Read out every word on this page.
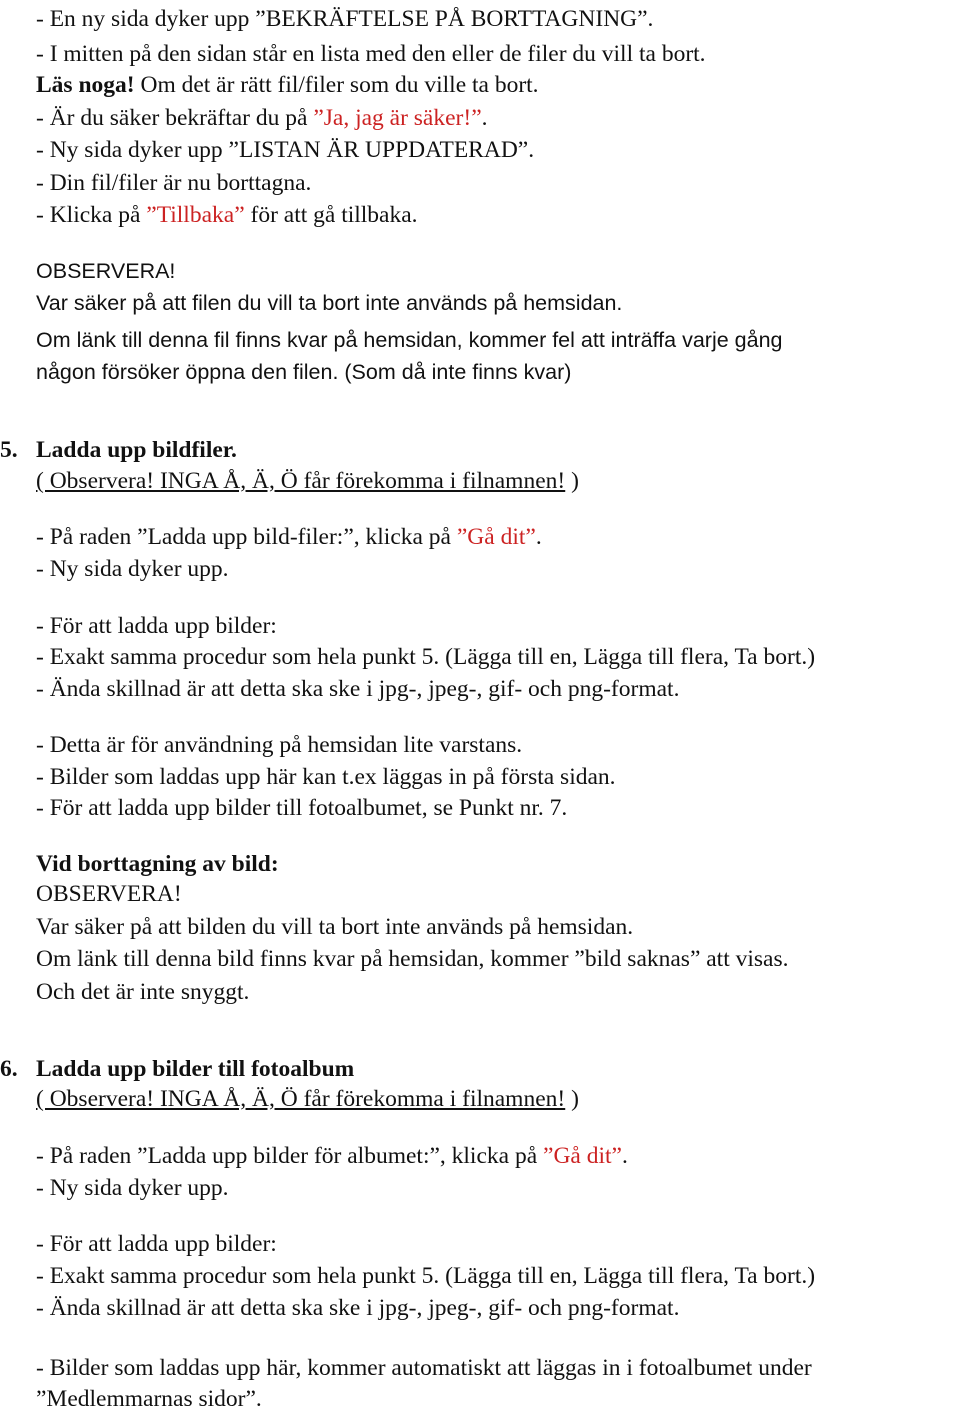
- En ny sida dyker upp ”BEKRÄFTELSE PÅ BORTTAGNING”.
- I mitten på den sidan står en lista med den eller de filer du vill ta bort.
Läs noga! Om det är rätt fil/filer som du ville ta bort.
- Är du säker bekräftar du på ”Ja, jag är säker!”.
- Ny sida dyker upp ”LISTAN ÄR UPPDATERAD”.
- Din fil/filer är nu borttagna.
- Klicka på ”Tillbaka” för att gå tillbaka.
OBSERVERA!
Var säker på att filen du vill ta bort inte används på hemsidan.
Om länk till denna fil finns kvar på hemsidan, kommer fel att inträffa varje gång
någon försöker öppna den filen. (Som då inte finns kvar)
5. Ladda upp bildfiler.
( Observera! INGA Å, Ä, Ö får förekomma i filnamnen! )
- På raden ”Ladda upp bild-filer:”, klicka på ”Gå dit”.
- Ny sida dyker upp.
- För att ladda upp bilder:
- Exakt samma procedur som hela punkt 5. (Lägga till en, Lägga till flera, Ta bort.)
- Ända skillnad är att detta ska ske i jpg-, jpeg-, gif- och png-format.
- Detta är för användning på hemsidan lite varstans.
- Bilder som laddas upp här kan t.ex läggas in på första sidan.
- För att ladda upp bilder till fotoalbumet, se Punkt nr. 7.
Vid borttagning av bild:
OBSERVERA!
Var säker på att bilden du vill ta bort inte används på hemsidan.
Om länk till denna bild finns kvar på hemsidan, kommer ”bild saknas” att visas.
Och det är inte snyggt.
6. Ladda upp bilder till fotoalbum
( Observera! INGA Å, Ä, Ö får förekomma i filnamnen! )
- På raden ”Ladda upp bilder för albumet:”, klicka på ”Gå dit”.
- Ny sida dyker upp.
- För att ladda upp bilder:
- Exakt samma procedur som hela punkt 5. (Lägga till en, Lägga till flera, Ta bort.)
- Ända skillnad är att detta ska ske i jpg-, jpeg-, gif- och png-format.
- Bilder som laddas upp här, kommer automatiskt att läggas in i fotoalbumet under
”Medlemmarnas sidor”.
